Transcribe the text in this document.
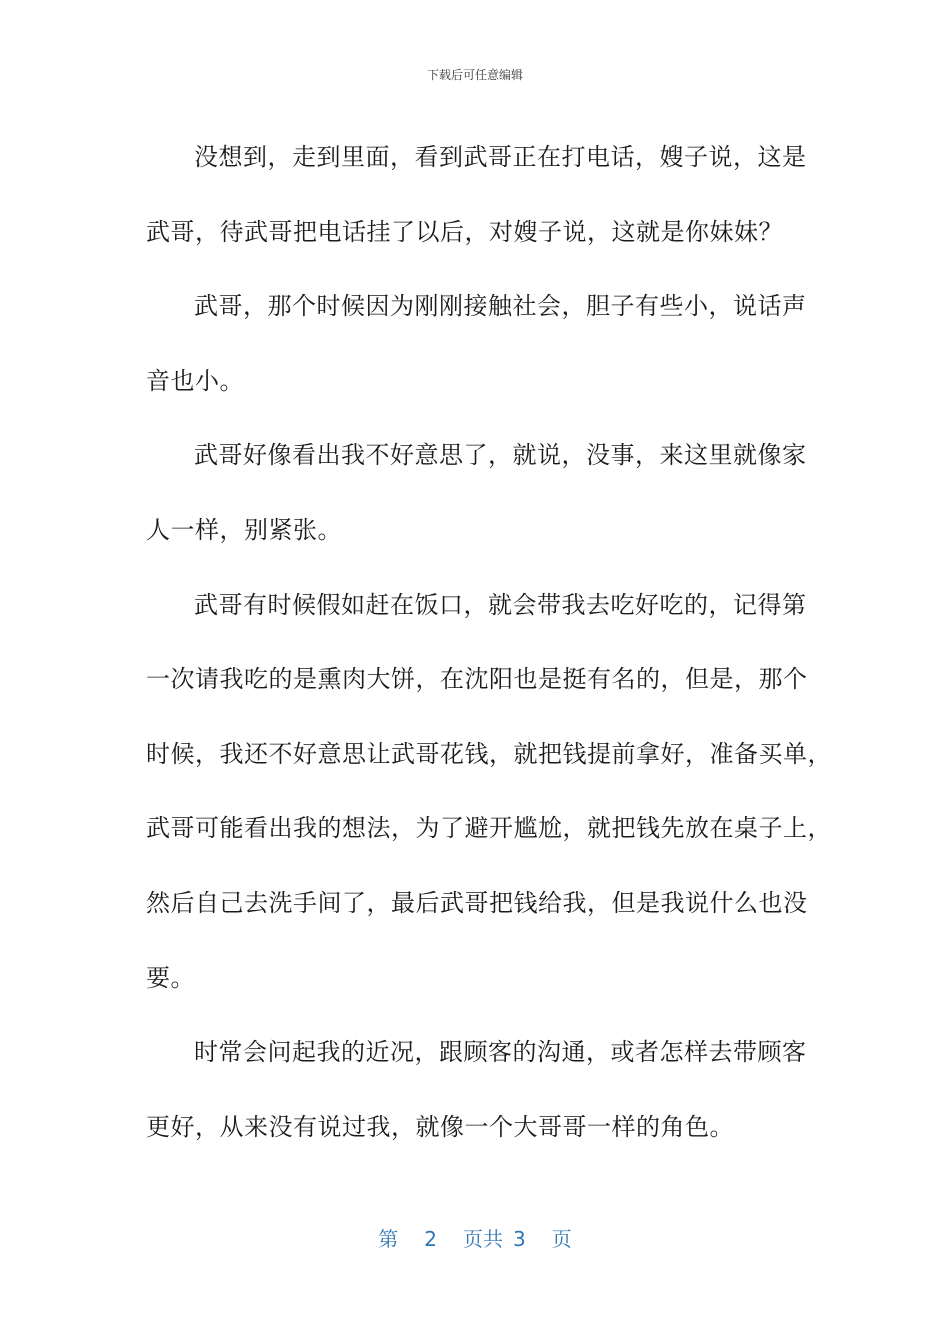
下载后可任意编辑

没想到，走到里面，看到武哥正在打电话，嫂子说，这是
武哥，待武哥把电话挂了以后，对嫂子说，这就是你妹妹？

武哥，那个时候因为刚刚接触社会，胆子有些小，说话声
音也小。

武哥好像看出我不好意思了，就说，没事，来这里就像家
人一样，别紧张。

武哥有时候假如赶在饭口，就会带我去吃好吃的，记得第
一次请我吃的是熏肉大饼，在沈阳也是挺有名的，但是，那个
时候，我还不好意思让武哥花钱，就把钱提前拿好，准备买单，
武哥可能看出我的想法，为了避开尴尬，就把钱先放在桌子上，
然后自己去洗手间了，最后武哥把钱给我，但是我说什么也没
要。

时常会问起我的近况，跟顾客的沟通，或者怎样去带顾客
更好，从来没有说过我，就像一个大哥哥一样的角色。

第 2 页共 3 页
